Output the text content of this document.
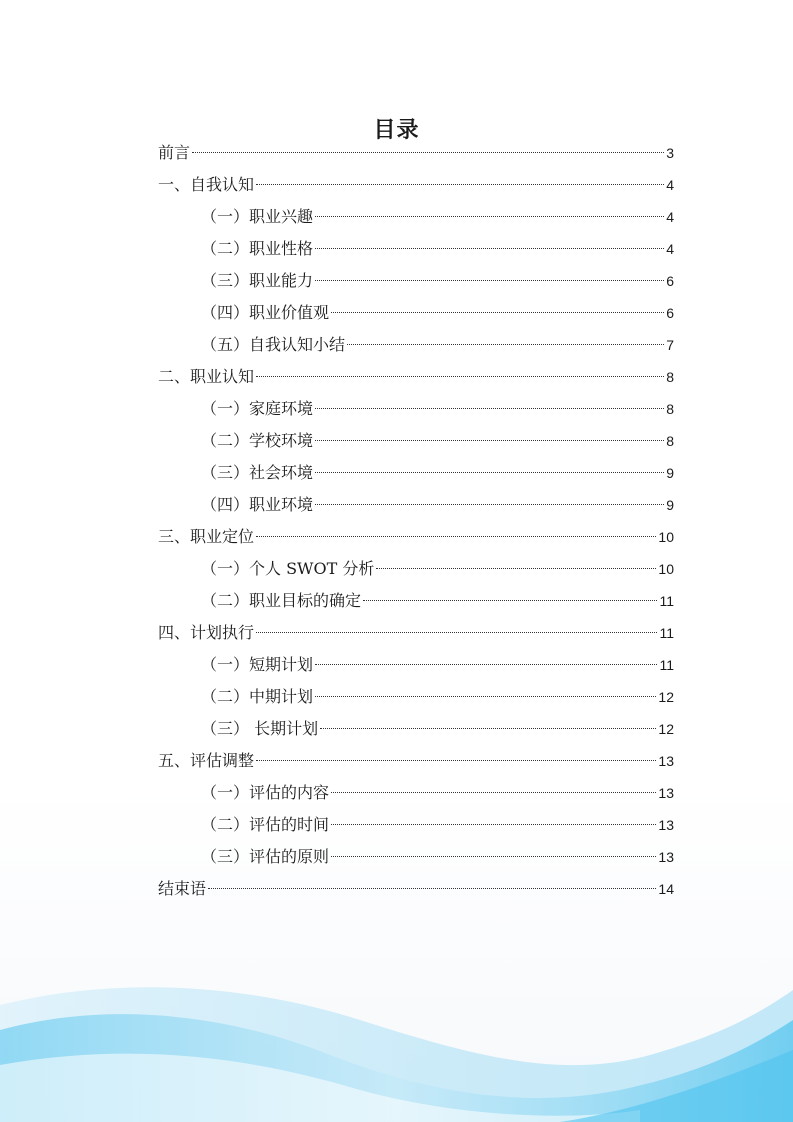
目录
前言	3
一、自我认知	4
（一）职业兴趣	4
（二）职业性格	4
（三）职业能力	6
（四）职业价值观	6
（五）自我认知小结	7
二、职业认知	8
（一）家庭环境	8
（二）学校环境	8
（三）社会环境	9
（四）职业环境	9
三、职业定位	10
（一）个人 SWOT 分析	10
（二）职业目标的确定	11
四、计划执行	11
（一）短期计划	11
（二）中期计划	12
（三） 长期计划	12
五、评估调整	13
（一）评估的内容	13
（二）评估的时间	13
（三）评估的原则	13
结束语	14
